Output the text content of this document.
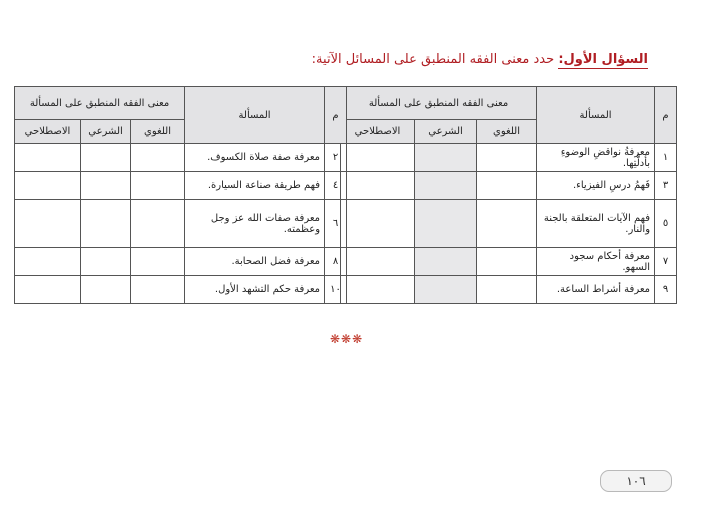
السؤال الأول: حدد معنى الفقه المنطبق على المسائل الآتية:
م	المسألة	معنى الفقه المنطبق على المسألة		
		اللغوي	الشرعي	الاصطلاحي
١	معرفةُ نواقضِ الوضوءِ بأدلَّتِها.			
٣	فَهمُ درسِ الفيزياء.			
٥	فهم الآيات المتعلقة بالجنة والنار.			
٧	معرفة أحكام سجود السهو.			
٩	معرفة أشراط الساعة.			
م	المسألة	معنى الفقه المنطبق على المسألة		
		اللغوي	الشرعي	الاصطلاحي
٢	معرفة صفة صلاة الكسوف.			
٤	فهم طريقة صناعة السيارة.			
٦	معرفة صفات الله عز وجل وعظمته.			
٨	معرفة فضل الصحابة.			
١٠	معرفة حكم التشهد الأول.			
❋❋❋
١٠٦
